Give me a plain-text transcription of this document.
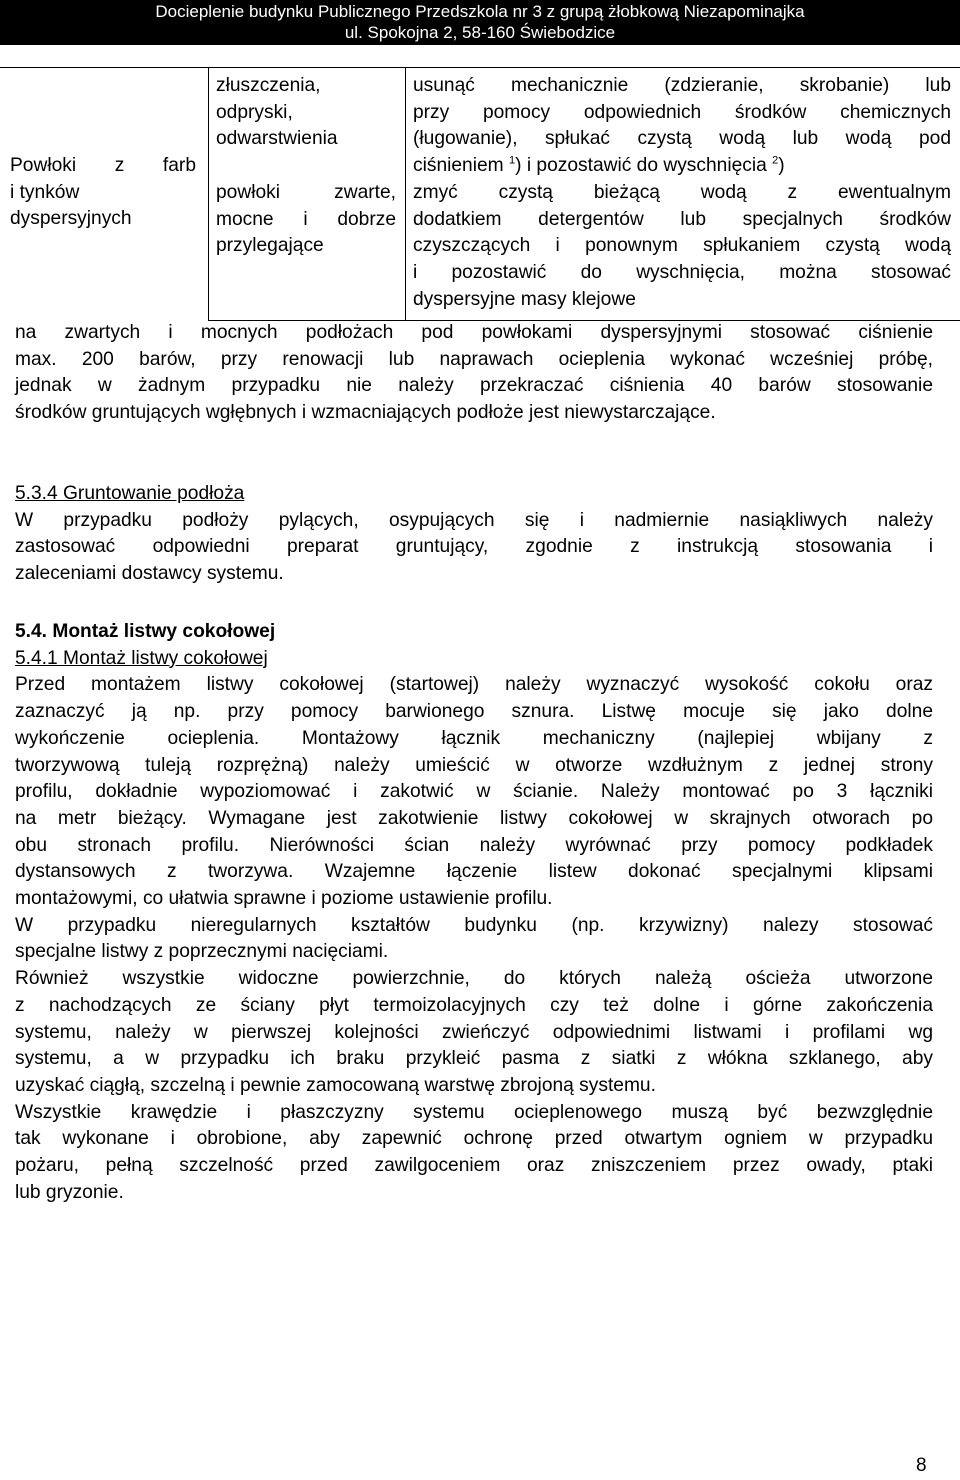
Docieplenie budynku Publicznego Przedszkola nr 3 z grupą żłobkową Niezapominajka
ul. Spokojna 2, 58-160 Świebodzice
Powłoki z farb
i tynków
dyspersyjnych
złuszczenia,
odpryski,
odwarstwienia
powłoki zwarte,
mocne i dobrze
przylegające
usunąć mechanicznie (zdzieranie, skrobanie) lub
przy pomocy odpowiednich środków chemicznych
(ługowanie), spłukać czystą wodą lub wodą pod
ciśnieniem $^1$) i pozostawić do wyschnięcia $^2$)
zmyć czystą bieżącą wodą z ewentualnym
dodatkiem detergentów lub specjalnych środków
czyszczących i ponownym spłukaniem czystą wodą
i pozostawić do wyschnięcia, można stosować
dyspersyjne masy klejowe
na zwartych i mocnych podłożach pod powłokami dyspersyjnymi stosować ciśnienie
max. 200 barów, przy renowacji lub naprawach ocieplenia wykonać wcześniej próbę,
jednak w żadnym przypadku nie należy przekraczać ciśnienia 40 barów stosowanie
środków gruntujących wgłębnych i wzmacniających podłoże jest niewystarczające.
5.3.4 Gruntowanie podłoża
W przypadku podłoży pylących, osypujących się i nadmiernie nasiąkliwych należy
zastosować odpowiedni preparat gruntujący, zgodnie z instrukcją stosowania i
zaleceniami dostawcy systemu.
5.4. Montaż listwy cokołowej
5.4.1 Montaż listwy cokołowej
Przed montażem listwy cokołowej (startowej) należy wyznaczyć wysokość cokołu oraz
zaznaczyć ją np. przy pomocy barwionego sznura. Listwę mocuje się jako dolne
wykończenie ocieplenia. Montażowy łącznik mechaniczny (najlepiej wbijany z
tworzywową tuleją rozprężną) należy umieścić w otworze wzdłużnym z jednej strony
profilu, dokładnie wypoziomować i zakotwić w ścianie. Należy montować po 3 łączniki
na metr bieżący. Wymagane jest zakotwienie listwy cokołowej w skrajnych otworach po
obu stronach profilu. Nierówności ścian należy wyrównać przy pomocy podkładek
dystansowych z tworzywa. Wzajemne łączenie listew dokonać specjalnymi klipsami
montażowymi, co ułatwia sprawne i poziome ustawienie profilu.
W przypadku nieregularnych kształtów budynku (np. krzywizny) nalezy stosować
specjalne listwy z poprzecznymi nacięciami.
Również wszystkie widoczne powierzchnie, do których należą ościeża utworzone
z nachodzących ze ściany płyt termoizolacyjnych czy też dolne i górne zakończenia
systemu, należy w pierwszej kolejności zwieńczyć odpowiednimi listwami i profilami wg
systemu, a w przypadku ich braku przykleić pasma z siatki z włókna szklanego, aby
uzyskać ciągłą, szczelną i pewnie zamocowaną warstwę zbrojoną systemu.
Wszystkie krawędzie i płaszczyzny systemu ocieplenowego muszą być bezwzględnie
tak wykonane i obrobione, aby zapewnić ochronę przed otwartym ogniem w przypadku
pożaru, pełną szczelność przed zawilgoceniem oraz zniszczeniem przez owady, ptaki
lub gryzonie.
8
